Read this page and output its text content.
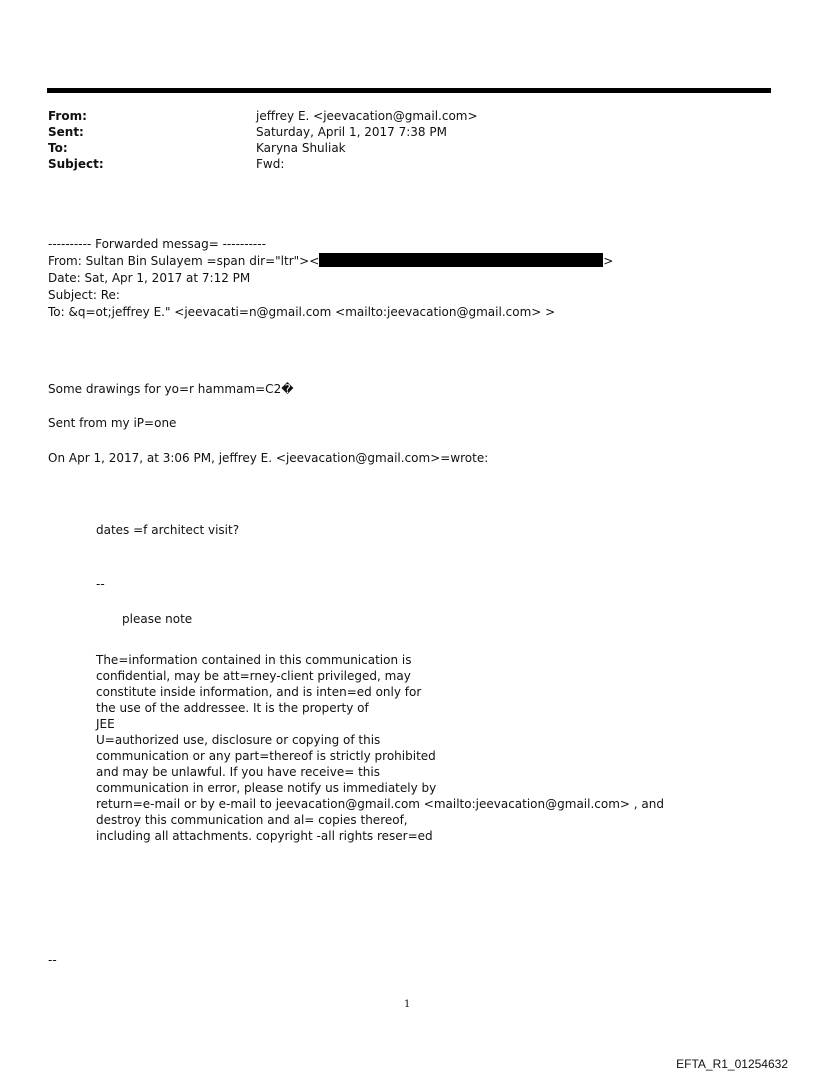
From:	jeffrey E. <jeevacation@gmail.com>
Sent:	Saturday, April 1, 2017 7:38 PM
To:	Karyna Shuliak
Subject:	Fwd:
---------- Forwarded messag= ----------
From: Sultan Bin Sulayem =span dir="ltr"><	>
Date: Sat, Apr 1, 2017 at 7:12 PM
Subject: Re:
To: &q=ot;jeffrey E." <jeevacati=n@gmail.com <mailto:jeevacation@gmail.com> >
Some drawings for yo=r hammam=C2�
Sent from my iP=one
On Apr 1, 2017, at 3:06 PM, jeffrey E. <jeevacation@gmail.com>=wrote:
dates =f architect visit?
--
please note
The=information contained in this communication is
confidential, may be att=rney-client privileged, may
constitute inside information, and is inten=ed only for
the use of the addressee. It is the property of
JEE
U=authorized use, disclosure or copying of this
communication or any part=thereof is strictly prohibited
and may be unlawful. If you have receive= this
communication in error, please notify us immediately by
return=e-mail or by e-mail to jeevacation@gmail.com <mailto:jeevacation@gmail.com> , and
destroy this communication and al= copies thereof,
including all attachments. copyright -all rights reser=ed
--
1
EFTA_R1_01254632
